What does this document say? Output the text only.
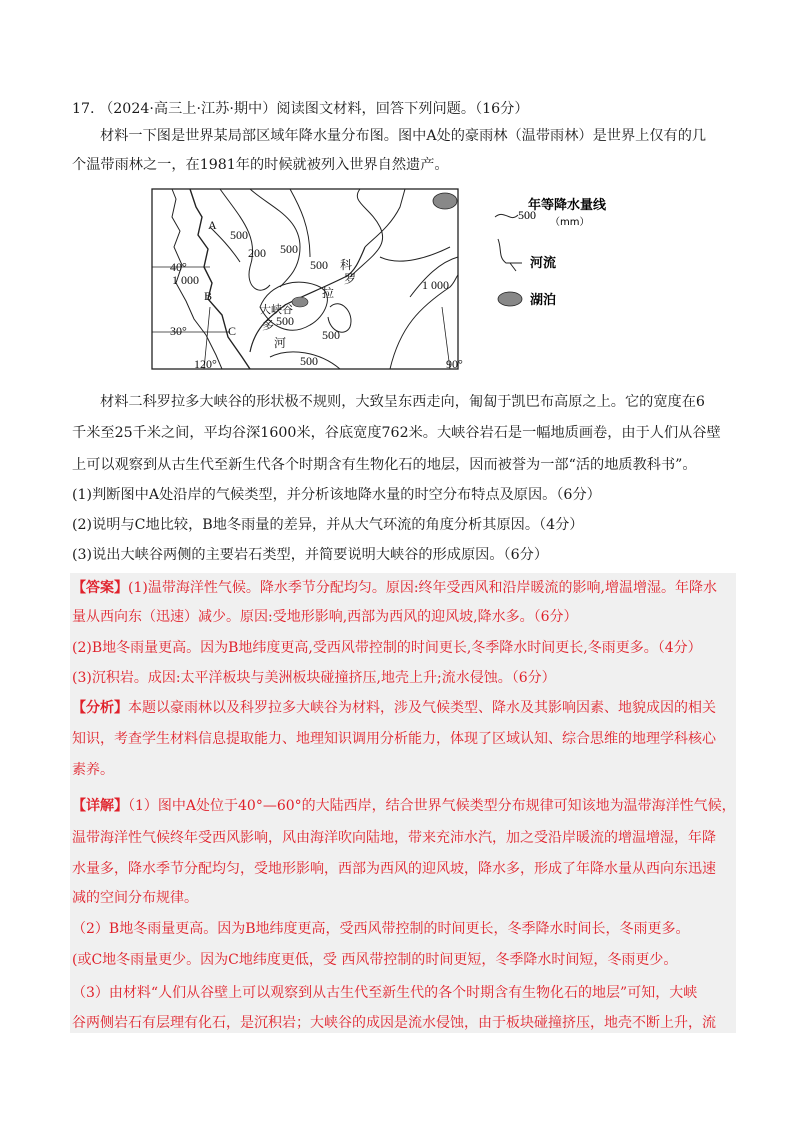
17. （2024·高三上·江苏·期中）阅读图文材料，回答下列问题。（16分）
材料一下图是世界某局部区域年降水量分布图。图中A处的豪雨林（温带雨林）是世界上仅有的几
个温带雨林之一，在1981年的时候就被列入世界自然遗产。
A
B
C
40°
30°
120°	90°
1 000
500
500
200
500
500
500
500
1 000
大峡谷
科
罗
拉
多
河
年等降水量线
（mm）
500
河流
湖泊
材料二科罗拉多大峡谷的形状极不规则，大致呈东西走向，匍匐于凯巴布高原之上。它的宽度在6
千米至25千米之间，平均谷深1600米，谷底宽度762米。大峡谷岩石是一幅地质画卷，由于人们从谷壁
上可以观察到从古生代至新生代各个时期含有生物化石的地层，因而被誉为一部“活的地质教科书”。
(1)判断图中A处沿岸的气候类型，并分析该地降水量的时空分布特点及原因。（6分）
(2)说明与C地比较，B地冬雨量的差异，并从大气环流的角度分析其原因。（4分）
(3)说出大峡谷两侧的主要岩石类型，并简要说明大峡谷的形成原因。（6分）
【答案】(1)温带海洋性气候。降水季节分配均匀。原因:终年受西风和沿岸暖流的影响,增温增湿。年降水
量从西向东（迅速）减少。原因:受地形影响,西部为西风的迎风坡,降水多。（6分）
(2)B地冬雨量更高。因为B地纬度更高,受西风带控制的时间更长,冬季降水时间更长,冬雨更多。（4分）
(3)沉积岩。成因:太平洋板块与美洲板块碰撞挤压,地壳上升;流水侵蚀。（6分）
【分析】本题以豪雨林以及科罗拉多大峡谷为材料，涉及气候类型、降水及其影响因素、地貌成因的相关
知识，考查学生材料信息提取能力、地理知识调用分析能力，体现了区域认知、综合思维的地理学科核心
素养。
【详解】（1）图中A处位于40°—60°的大陆西岸，结合世界气候类型分布规律可知该地为温带海洋性气候，
温带海洋性气候终年受西风影响，风由海洋吹向陆地，带来充沛水汽，加之受沿岸暖流的增温增湿，年降
水量多，降水季节分配均匀，受地形影响，西部为西风的迎风坡，降水多，形成了年降水量从西向东迅速
减的空间分布规律。
（2）B地冬雨量更高。因为B地纬度更高，受西风带控制的时间更长，冬季降水时间长，冬雨更多。
(或C地冬雨量更少。因为C地纬度更低，受 西风带控制的时间更短，冬季降水时间短，冬雨更少。
（3）由材料“人们从谷壁上可以观察到从古生代至新生代的各个时期含有生物化石的地层”可知，大峡
谷两侧岩石有层理有化石，是沉积岩；大峡谷的成因是流水侵蚀，由于板块碰撞挤压，地壳不断上升，流
